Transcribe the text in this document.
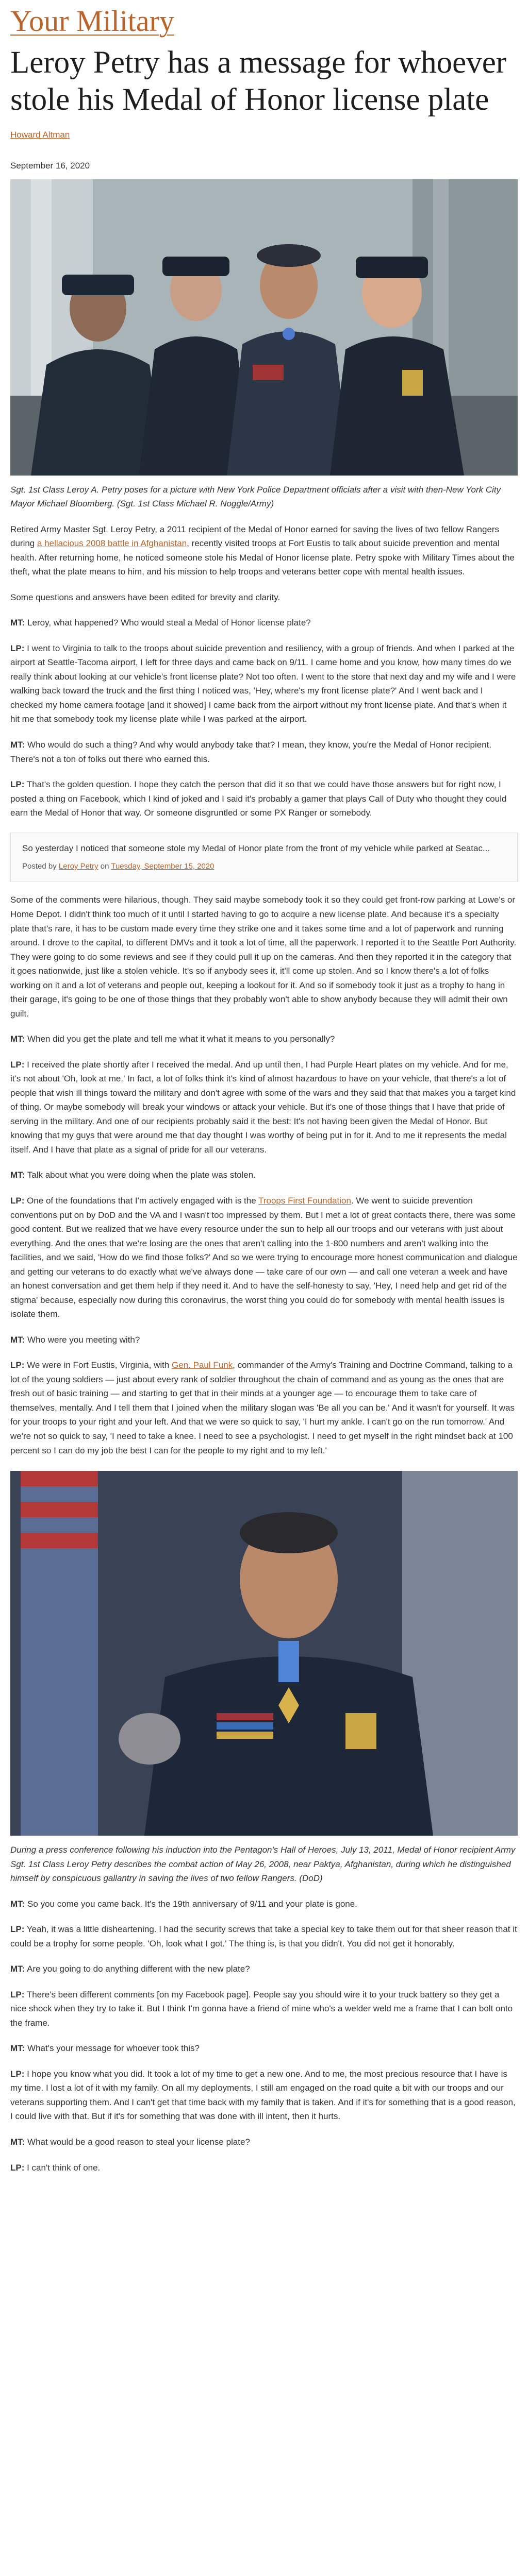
Your Military
Leroy Petry has a message for whoever stole his Medal of Honor license plate
Howard Altman
September 16, 2020
Sgt. 1st Class Leroy A. Petry poses for a picture with New York Police Department officials after a visit with then-New York City Mayor Michael Bloomberg. (Sgt. 1st Class Michael R. Noggle/Army)

Retired Army Master Sgt. Leroy Petry, a 2011 recipient of the Medal of Honor earned for saving the lives of two fellow Rangers during a hellacious 2008 battle in Afghanistan, recently visited troops at Fort Eustis to talk about suicide prevention and mental health. After returning home, he noticed someone stole his Medal of Honor license plate. Petry spoke with Military Times about the theft, what the plate means to him, and his mission to help troops and veterans better cope with mental health issues.

Some questions and answers have been edited for brevity and clarity.

MT: Leroy, what happened? Who would steal a Medal of Honor license plate?

LP: I went to Virginia to talk to the troops about suicide prevention and resiliency, with a group of friends. And when I parked at the airport at Seattle-Tacoma airport, I left for three days and came back on 9/11. I came home and you know, how many times do we really think about looking at our vehicle's front license plate? Not too often. I went to the store that next day and my wife and I were walking back toward the truck and the first thing I noticed was, 'Hey, where's my front license plate?' And I went back and I checked my home camera footage [and it showed] I came back from the airport without my front license plate. And that's when it hit me that somebody took my license plate while I was parked at the airport.

MT: Who would do such a thing? And why would anybody take that? I mean, they know, you're the Medal of Honor recipient. There's not a ton of folks out there who earned this.

LP: That's the golden question. I hope they catch the person that did it so that we could have those answers but for right now, I posted a thing on Facebook, which I kind of joked and I said it's probably a gamer that plays Call of Duty who thought they could earn the Medal of Honor that way. Or someone disgruntled or some PX Ranger or somebody.

So yesterday I noticed that someone stole my Medal of Honor plate from the front of my vehicle while parked at Seatac...
Posted by Leroy Petry on Tuesday, September 15, 2020

Some of the comments were hilarious, though. They said maybe somebody took it so they could get front-row parking at Lowe's or Home Depot. I didn't think too much of it until I started having to go to acquire a new license plate. And because it's a specialty plate that's rare, it has to be custom made every time they strike one and it takes some time and a lot of paperwork and running around. I drove to the capital, to different DMVs and it took a lot of time, all the paperwork. I reported it to the Seattle Port Authority. They were going to do some reviews and see if they could pull it up on the cameras. And then they reported it in the category that it goes nationwide, just like a stolen vehicle. It's so if anybody sees it, it'll come up stolen. And so I know there's a lot of folks working on it and a lot of veterans and people out, keeping a lookout for it. And so if somebody took it just as a trophy to hang in their garage, it's going to be one of those things that they probably won't able to show anybody because they will admit their own guilt.

MT: When did you get the plate and tell me what it what it means to you personally?

LP: I received the plate shortly after I received the medal. And up until then, I had Purple Heart plates on my vehicle. And for me, it's not about 'Oh, look at me.' In fact, a lot of folks think it's kind of almost hazardous to have on your vehicle, that there's a lot of people that wish ill things toward the military and don't agree with some of the wars and they said that that makes you a target kind of thing. Or maybe somebody will break your windows or attack your vehicle. But it's one of those things that I have that pride of serving in the military. And one of our recipients probably said it the best: It's not having been given the Medal of Honor. But knowing that my guys that were around me that day thought I was worthy of being put in for it. And to me it represents the medal itself. And I have that plate as a signal of pride for all our veterans.

MT: Talk about what you were doing when the plate was stolen.

LP: One of the foundations that I'm actively engaged with is the Troops First Foundation. We went to suicide prevention conventions put on by DoD and the VA and I wasn't too impressed by them. But I met a lot of great contacts there, there was some good content. But we realized that we have every resource under the sun to help all our troops and our veterans with just about everything. And the ones that we're losing are the ones that aren't calling into the 1-800 numbers and aren't walking into the facilities, and we said, 'How do we find those folks?' And so we were trying to encourage more honest communication and dialogue and getting our veterans to do exactly what we've always done — take care of our own — and call one veteran a week and have an honest conversation and get them help if they need it. And to have the self-honesty to say, 'Hey, I need help and get rid of the stigma' because, especially now during this coronavirus, the worst thing you could do for somebody with mental health issues is isolate them.

MT: Who were you meeting with?

LP: We were in Fort Eustis, Virginia, with Gen. Paul Funk, commander of the Army's Training and Doctrine Command, talking to a lot of the young soldiers — just about every rank of soldier throughout the chain of command and as young as the ones that are fresh out of basic training — and starting to get that in their minds at a younger age — to encourage them to take care of themselves, mentally. And I tell them that I joined when the military slogan was 'Be all you can be.' And it wasn't for yourself. It was for your troops to your right and your left. And that we were so quick to say, 'I hurt my ankle. I can't go on the run tomorrow.' And we're not so quick to say, 'I need to take a knee. I need to see a psychologist. I need to get myself in the right mindset back at 100 percent so I can do my job the best I can for the people to my right and to my left.'

During a press conference following his induction into the Pentagon's Hall of Heroes, July 13, 2011, Medal of Honor recipient Army Sgt. 1st Class Leroy Petry describes the combat action of May 26, 2008, near Paktya, Afghanistan, during which he distinguished himself by conspicuous gallantry in saving the lives of two fellow Rangers. (DoD)

MT: So you come you came back. It's the 19th anniversary of 9/11 and your plate is gone.

LP: Yeah, it was a little disheartening. I had the security screws that take a special key to take them out for that sheer reason that it could be a trophy for some people. 'Oh, look what I got.' The thing is, is that you didn't. You did not get it honorably.

MT: Are you going to do anything different with the new plate?

LP: There's been different comments [on my Facebook page]. People say you should wire it to your truck battery so they get a nice shock when they try to take it. But I think I'm gonna have a friend of mine who's a welder weld me a frame that I can bolt onto the frame.

MT: What's your message for whoever took this?

LP: I hope you know what you did. It took a lot of my time to get a new one. And to me, the most precious resource that I have is my time. I lost a lot of it with my family. On all my deployments, I still am engaged on the road quite a bit with our troops and our veterans supporting them. And I can't get that time back with my family that is taken. And if it's for something that is a good reason, I could live with that. But if it's for something that was done with ill intent, then it hurts.

MT: What would be a good reason to steal your license plate?

LP: I can't think of one.
